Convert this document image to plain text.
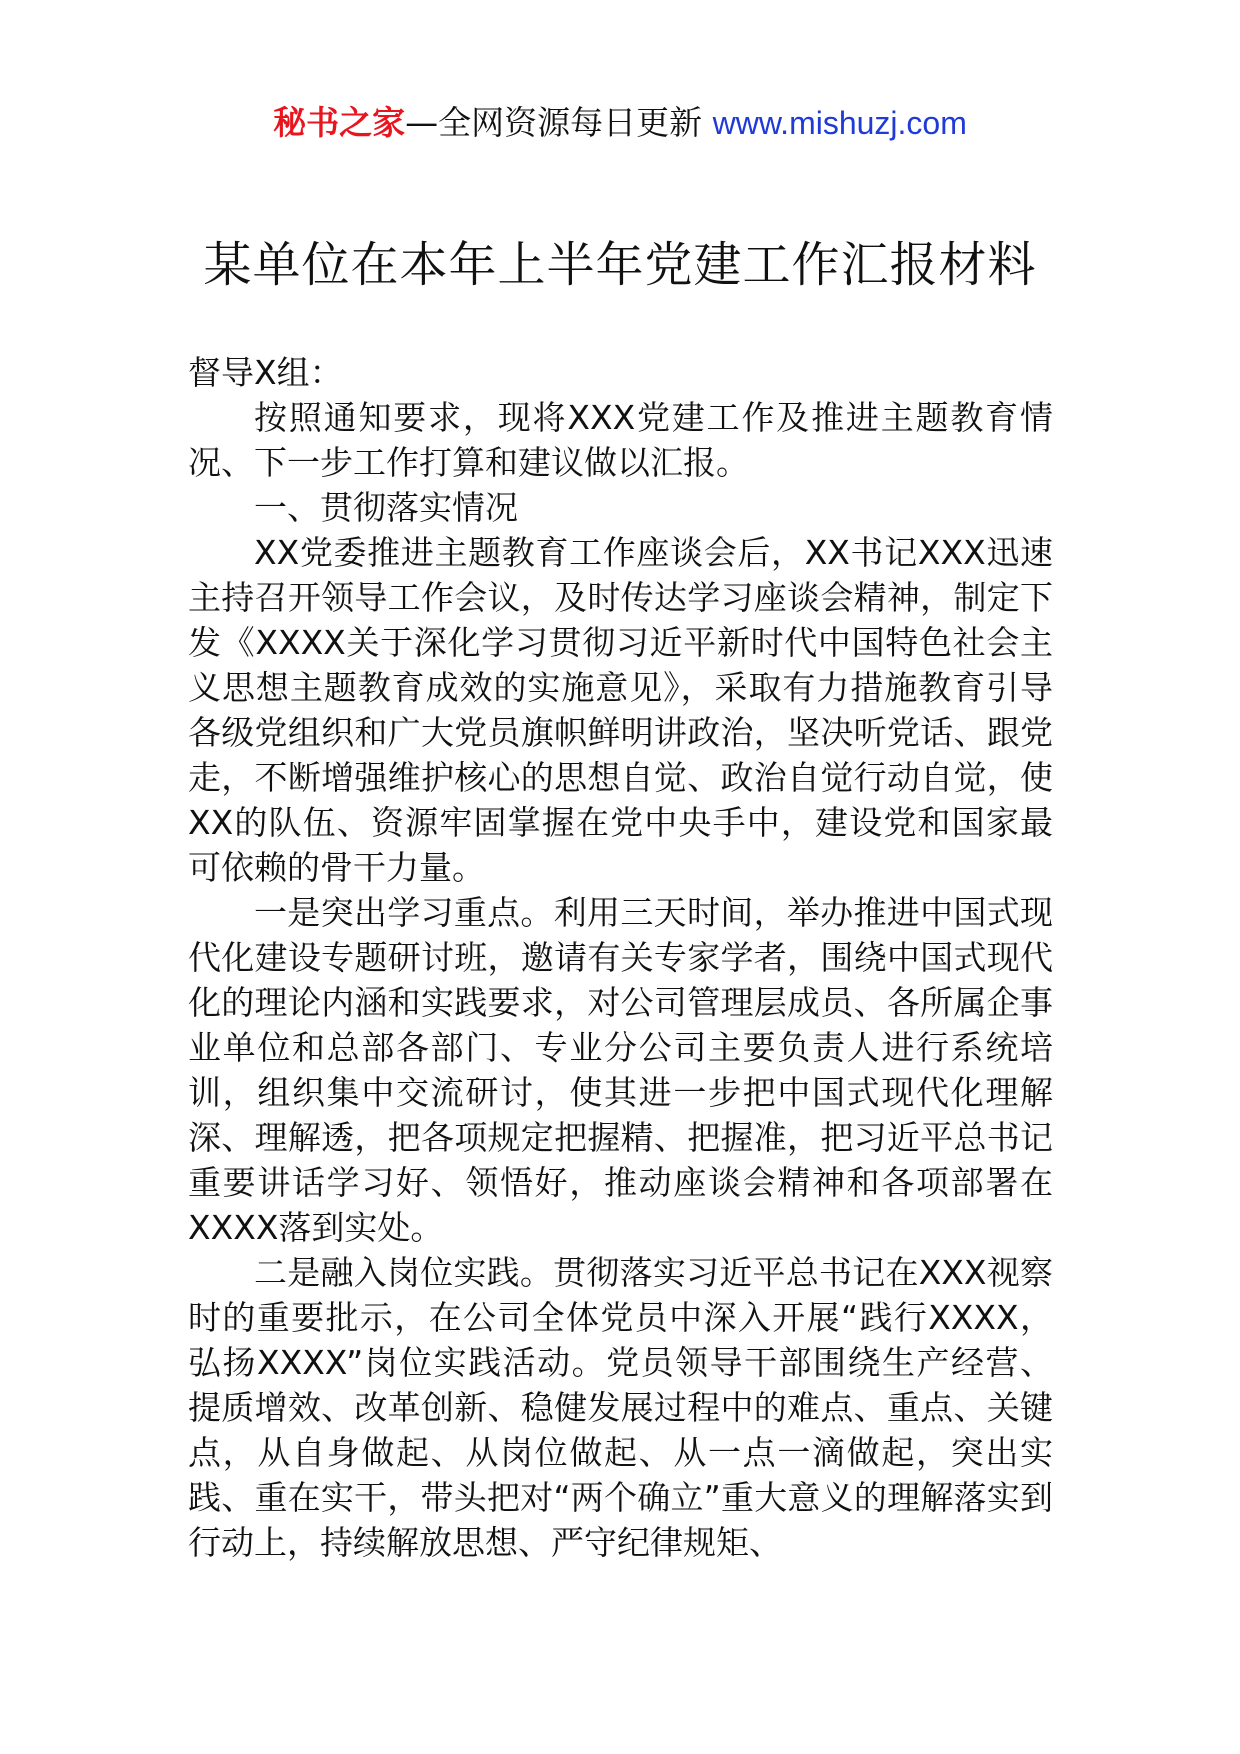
秘书之家—全网资源每日更新 www.mishuzj.com
某单位在本年上半年党建工作汇报材料

督导X组：

按照通知要求，现将XXX党建工作及推进主题教育情况、下一步工作打算和建议做以汇报。

一、贯彻落实情况

XX党委推进主题教育工作座谈会后，XX书记XXX迅速主持召开领导工作会议，及时传达学习座谈会精神，制定下发《XXXX关于深化学习贯彻习近平新时代中国特色社会主义思想主题教育成效的实施意见》，采取有力措施教育引导各级党组织和广大党员旗帜鲜明讲政治，坚决听党话、跟党走，不断增强维护核心的思想自觉、政治自觉行动自觉，使XX的队伍、资源牢固掌握在党中央手中，建设党和国家最可依赖的骨干力量。

一是突出学习重点。利用三天时间，举办推进中国式现代化建设专题研讨班，邀请有关专家学者，围绕中国式现代化的理论内涵和实践要求，对公司管理层成员、各所属企事业单位和总部各部门、专业分公司主要负责人进行系统培训，组织集中交流研讨，使其进一步把中国式现代化理解深、理解透，把各项规定把握精、把握准，把习近平总书记重要讲话学习好、领悟好，推动座谈会精神和各项部署在XXXX落到实处。

二是融入岗位实践。贯彻落实习近平总书记在XXX视察时的重要批示，在公司全体党员中深入开展“践行XXXX，弘扬XXXX”岗位实践活动。党员领导干部围绕生产经营、提质增效、改革创新、稳健发展过程中的难点、重点、关键点，从自身做起、从岗位做起、从一点一滴做起，突出实践、重在实干，带头把对“两个确立”重大意义的理解落实到行动上，持续解放思想、严守纪律规矩、
